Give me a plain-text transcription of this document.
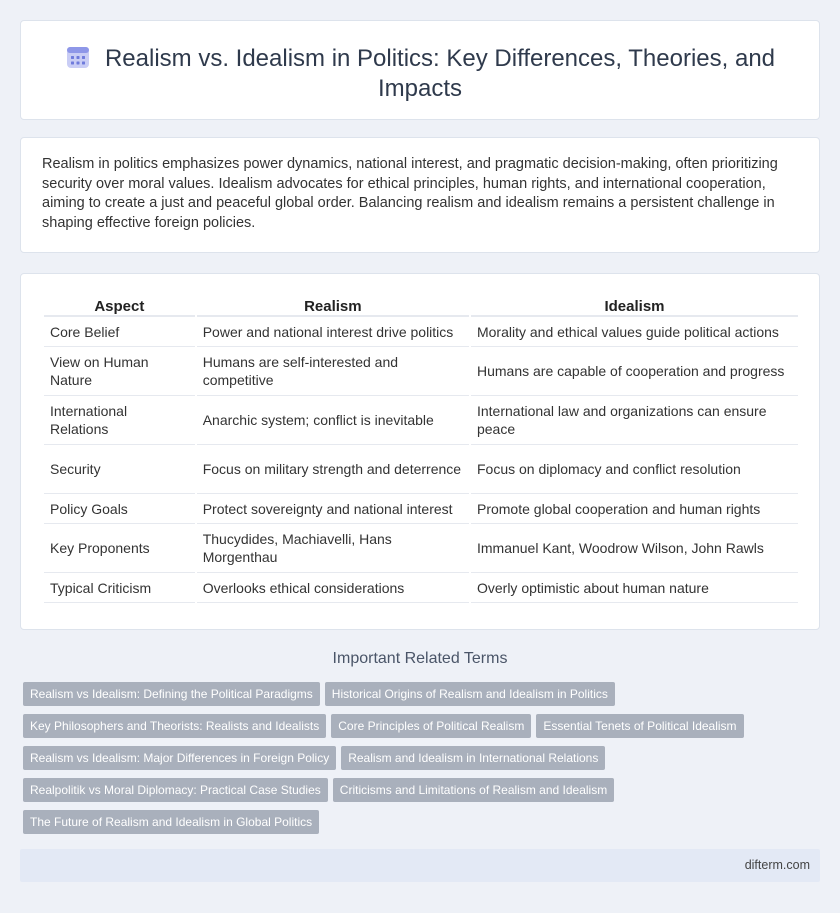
Realism vs. Idealism in Politics: Key Differences, Theories, and Impacts

Realism in politics emphasizes power dynamics, national interest, and pragmatic decision-making, often prioritizing security over moral values. Idealism advocates for ethical principles, human rights, and international cooperation, aiming to create a just and peaceful global order. Balancing realism and idealism remains a persistent challenge in shaping effective foreign policies.

Aspect	Realism	Idealism
Core Belief	Power and national interest drive politics	Morality and ethical values guide political actions
View on Human Nature	Humans are self-interested and competitive	Humans are capable of cooperation and progress
International Relations	Anarchic system; conflict is inevitable	International law and organizations can ensure peace
Security	Focus on military strength and deterrence	Focus on diplomacy and conflict resolution
Policy Goals	Protect sovereignty and national interest	Promote global cooperation and human rights
Key Proponents	Thucydides, Machiavelli, Hans Morgenthau	Immanuel Kant, Woodrow Wilson, John Rawls
Typical Criticism	Overlooks ethical considerations	Overly optimistic about human nature
Important Related Terms
Realism vs Idealism: Defining the Political Paradigms Historical Origins of Realism and Idealism in Politics
Key Philosophers and Theorists: Realists and Idealists Core Principles of Political Realism Essential Tenets of Political Idealism
Realism vs Idealism: Major Differences in Foreign Policy Realism and Idealism in International Relations
Realpolitik vs Moral Diplomacy: Practical Case Studies Criticisms and Limitations of Realism and Idealism
The Future of Realism and Idealism in Global Politics
difterm.com
